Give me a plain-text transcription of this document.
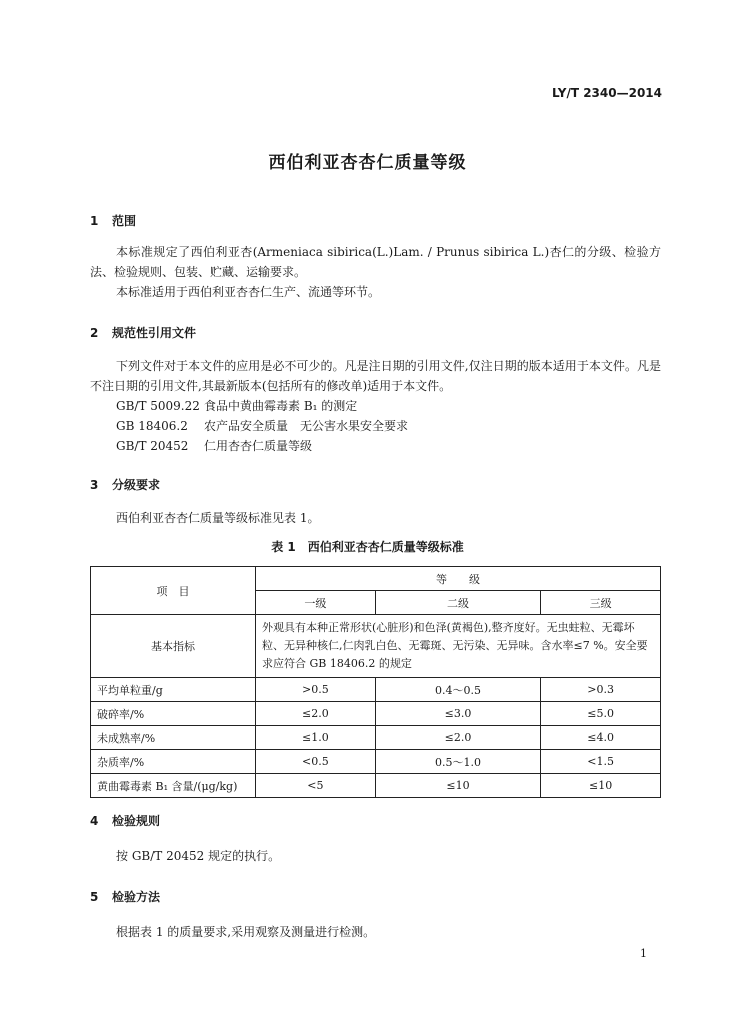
LY/T 2340—2014
西伯利亚杏杏仁质量等级
1 范围
本标准规定了西伯利亚杏(Armeniaca sibirica(L.)Lam. / Prunus sibirica L.)杏仁的分级、检验方法、检验规则、包装、贮藏、运输要求。
本标准适用于西伯利亚杏杏仁生产、流通等环节。
2 规范性引用文件
下列文件对于本文件的应用是必不可少的。凡是注日期的引用文件,仅注日期的版本适用于本文件。凡是不注日期的引用文件,其最新版本(包括所有的修改单)适用于本文件。
GB/T 5009.22 食品中黄曲霉毒素 B₁ 的测定
GB 18406.2 农产品安全质量　无公害水果安全要求
GB/T 20452 仁用杏杏仁质量等级
3 分级要求
西伯利亚杏杏仁质量等级标准见表 1。
表 1　西伯利亚杏杏仁质量等级标准
项　目	等　　级		
	一级	二级	三级
基本指标	外观具有本种正常形状(心脏形)和色泽(黄褐色),整齐度好。无虫蛀粒、无霉坏粒、无异种核仁,仁肉乳白色、无霉斑、无污染、无异味。含水率≤7 %。安全要求应符合 GB 18406.2 的规定		
平均单粒重/g	>0.5	0.4～0.5	>0.3
破碎率/%	≤2.0	≤3.0	≤5.0
未成熟率/%	≤1.0	≤2.0	≤4.0
杂质率/%	<0.5	0.5～1.0	<1.5
黄曲霉毒素 B₁ 含量/(μg/kg)	<5	≤10	≤10
4 检验规则
按 GB/T 20452 规定的执行。
5 检验方法
根据表 1 的质量要求,采用观察及测量进行检测。
1
